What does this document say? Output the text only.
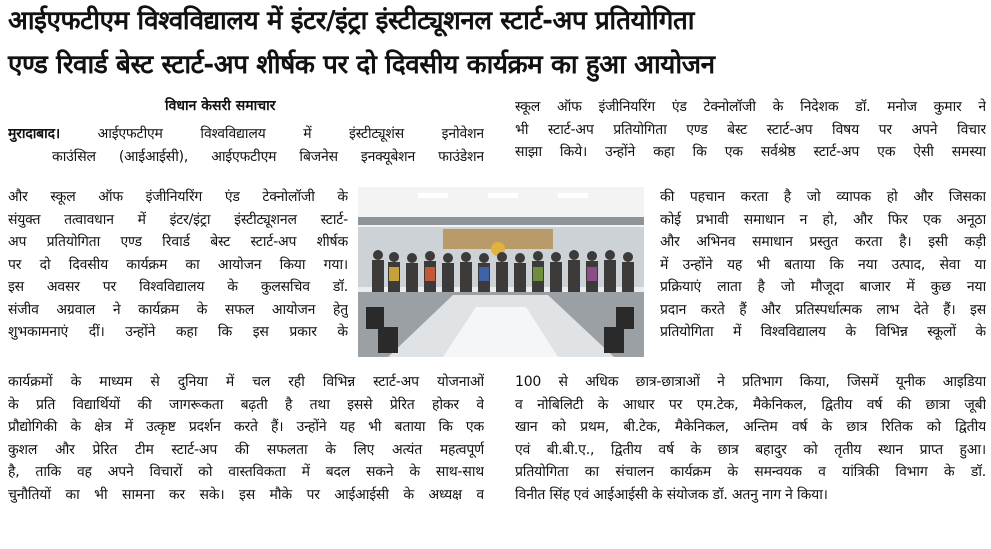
आईएफटीएम विश्वविद्यालय में इंटर/इंट्रा इंस्टीट्यूशनल स्टार्ट-अप प्रतियोगिता
एण्ड रिवार्ड बेस्ट स्टार्ट-अप शीर्षक पर दो दिवसीय कार्यक्रम का हुआ आयोजन
विधान केसरी समाचार
मुरादाबाद। आईएफटीएम विश्वविद्यालय में इंस्टीट्यूशंस इनोवेशन
काउंसिल (आईआईसी), आईएफटीएम बिजनेस इनक्यूबेशन फाउंडेशन
और स्कूल ऑफ इंजीनियरिंग एंड टेक्नोलॉजी के
संयुक्त तत्वावधान में इंटर/इंट्रा इंस्टीट्यूशनल स्टार्ट-
अप प्रतियोगिता एण्ड रिवार्ड बेस्ट स्टार्ट-अप शीर्षक
पर दो दिवसीय कार्यक्रम का आयोजन किया गया।
इस अवसर पर विश्वविद्यालय के कुलसचिव डॉ.
संजीव अग्रवाल ने कार्यक्रम के सफल आयोजन हेतु
शुभकामनाएं दीं। उन्होंने कहा कि इस प्रकार के
कार्यक्रमों के माध्यम से दुनिया में चल रही विभिन्न स्टार्ट-अप योजनाओं
के प्रति विद्यार्थियों की जागरूकता बढ़ती है तथा इससे प्रेरित होकर वे
प्रौद्योगिकी के क्षेत्र में उत्कृष्ट प्रदर्शन करते हैं। उन्होंने यह भी बताया कि एक
कुशल और प्रेरित टीम स्टार्ट-अप की सफलता के लिए अत्यंत महत्वपूर्ण
है, ताकि वह अपने विचारों को वास्तविकता में बदल सकने के साथ-साथ
चुनौतियों का भी सामना कर सके। इस मौके पर आईआईसी के अध्यक्ष व
स्कूल ऑफ इंजीनियरिंग एंड टेक्नोलॉजी के निदेशक डॉ. मनोज कुमार ने
भी स्टार्ट-अप प्रतियोगिता एण्ड बेस्ट स्टार्ट-अप विषय पर अपने विचार
साझा किये। उन्होंने कहा कि एक सर्वश्रेष्ठ स्टार्ट-अप एक ऐसी समस्या
की पहचान करता है जो व्यापक हो और जिसका
कोई प्रभावी समाधान न हो, और फिर एक अनूठा
और अभिनव समाधान प्रस्तुत करता है। इसी कड़ी
में उन्होंने यह भी बताया कि नया उत्पाद, सेवा या
प्रक्रियाएं लाता है जो मौजूदा बाजार में कुछ नया
प्रदान करते हैं और प्रतिस्पर्धात्मक लाभ देते हैं। इस
प्रतियोगिता में विश्वविद्यालय के विभिन्न स्कूलों के
100 से अधिक छात्र-छात्राओं ने प्रतिभाग किया, जिसमें यूनीक आइडिया
व नोबिलिटी के आधार पर एम.टेक, मैकेनिकल, द्वितीय वर्ष की छात्रा जूबी
खान को प्रथम, बी.टेक, मैकेनिकल, अन्तिम वर्ष के छात्र रितिक को द्वितीय
एवं बी.बी.ए., द्वितीय वर्ष के छात्र बहादुर को तृतीय स्थान प्राप्त हुआ।
प्रतियोगिता का संचालन कार्यक्रम के समन्वयक व यांत्रिकी विभाग के डॉ.
विनीत सिंह एवं आईआईसी के संयोजक डॉ. अतनु नाग ने किया।
